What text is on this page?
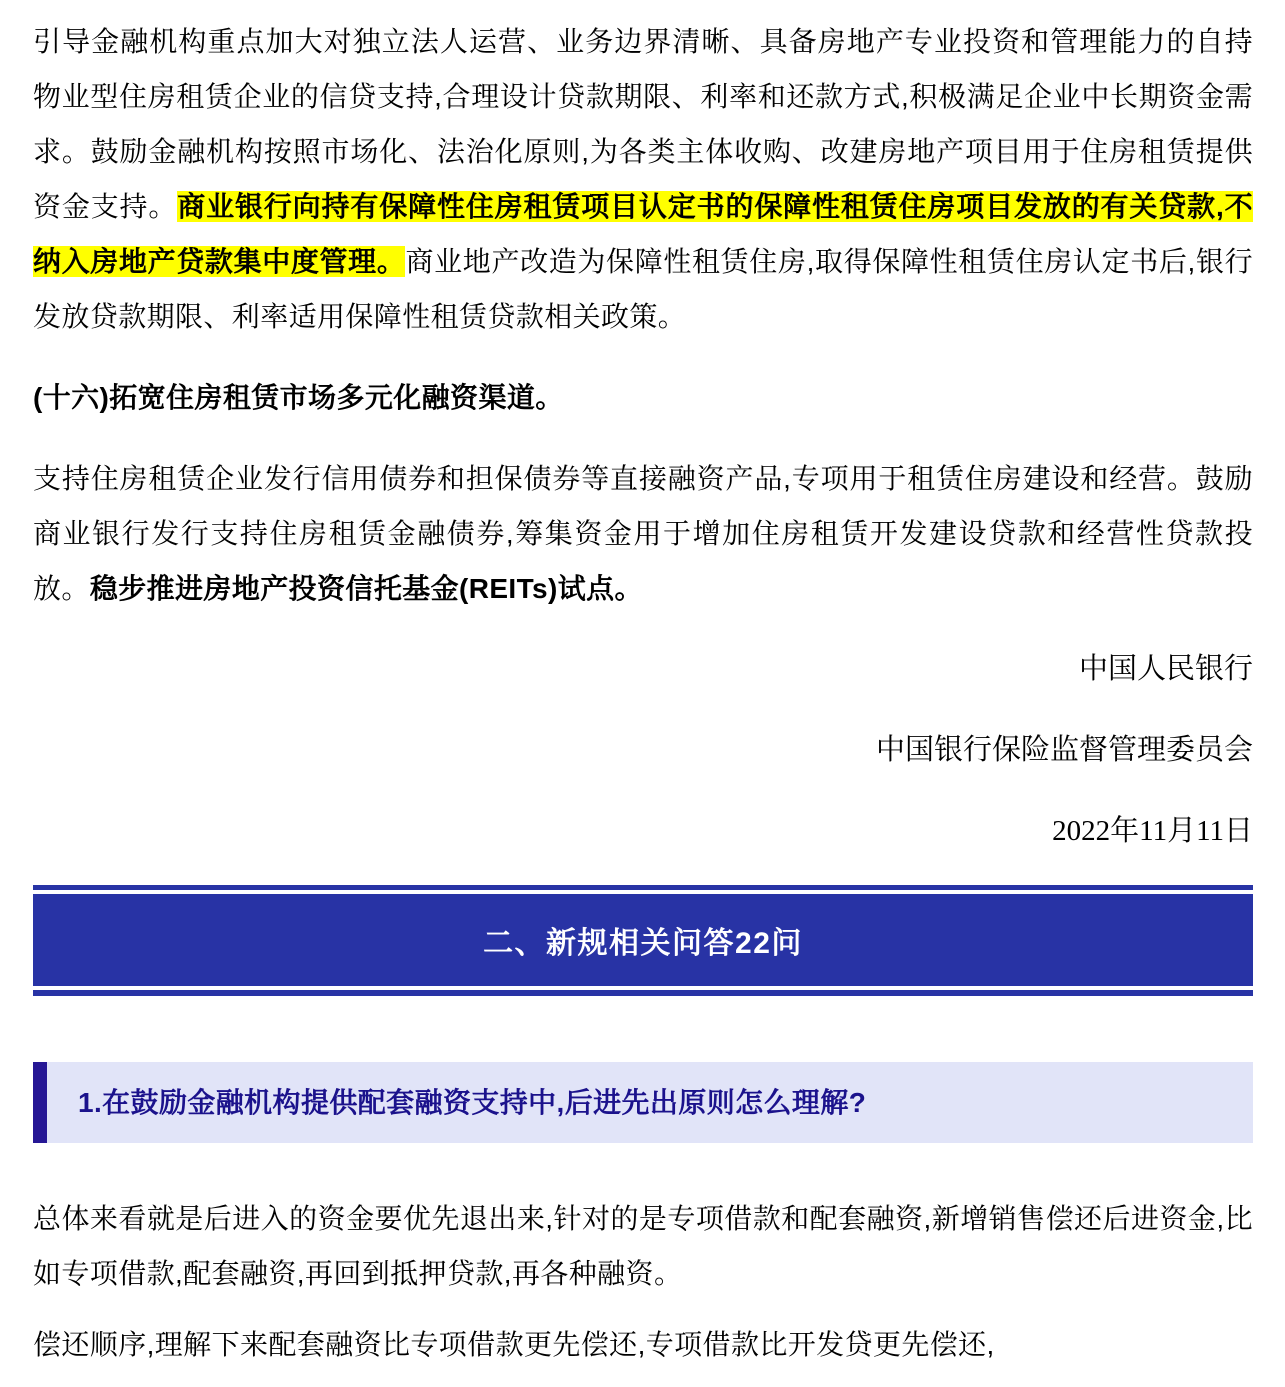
引导金融机构重点加大对独立法人运营、业务边界清晰、具备房地产专业投资和管理能力的自持物业型住房租赁企业的信贷支持,合理设计贷款期限、利率和还款方式,积极满足企业中长期资金需求。鼓励金融机构按照市场化、法治化原则,为各类主体收购、改建房地产项目用于住房租赁提供资金支持。商业银行向持有保障性住房租赁项目认定书的保障性租赁住房项目发放的有关贷款,不纳入房地产贷款集中度管理。商业地产改造为保障性租赁住房,取得保障性租赁住房认定书后,银行发放贷款期限、利率适用保障性租赁贷款相关政策。

(十六)拓宽住房租赁市场多元化融资渠道。

支持住房租赁企业发行信用债券和担保债券等直接融资产品,专项用于租赁住房建设和经营。鼓励商业银行发行支持住房租赁金融债券,筹集资金用于增加住房租赁开发建设贷款和经营性贷款投放。稳步推进房地产投资信托基金(REITs)试点。

中国人民银行

中国银行保险监督管理委员会

2022年11月11日

二、新规相关问答22问

1.在鼓励金融机构提供配套融资支持中,后进先出原则怎么理解?

总体来看就是后进入的资金要优先退出来,针对的是专项借款和配套融资,新增销售偿还后进资金,比如专项借款,配套融资,再回到抵押贷款,再各种融资。

偿还顺序,理解下来配套融资比专项借款更先偿还,专项借款比开发贷更先偿还,
